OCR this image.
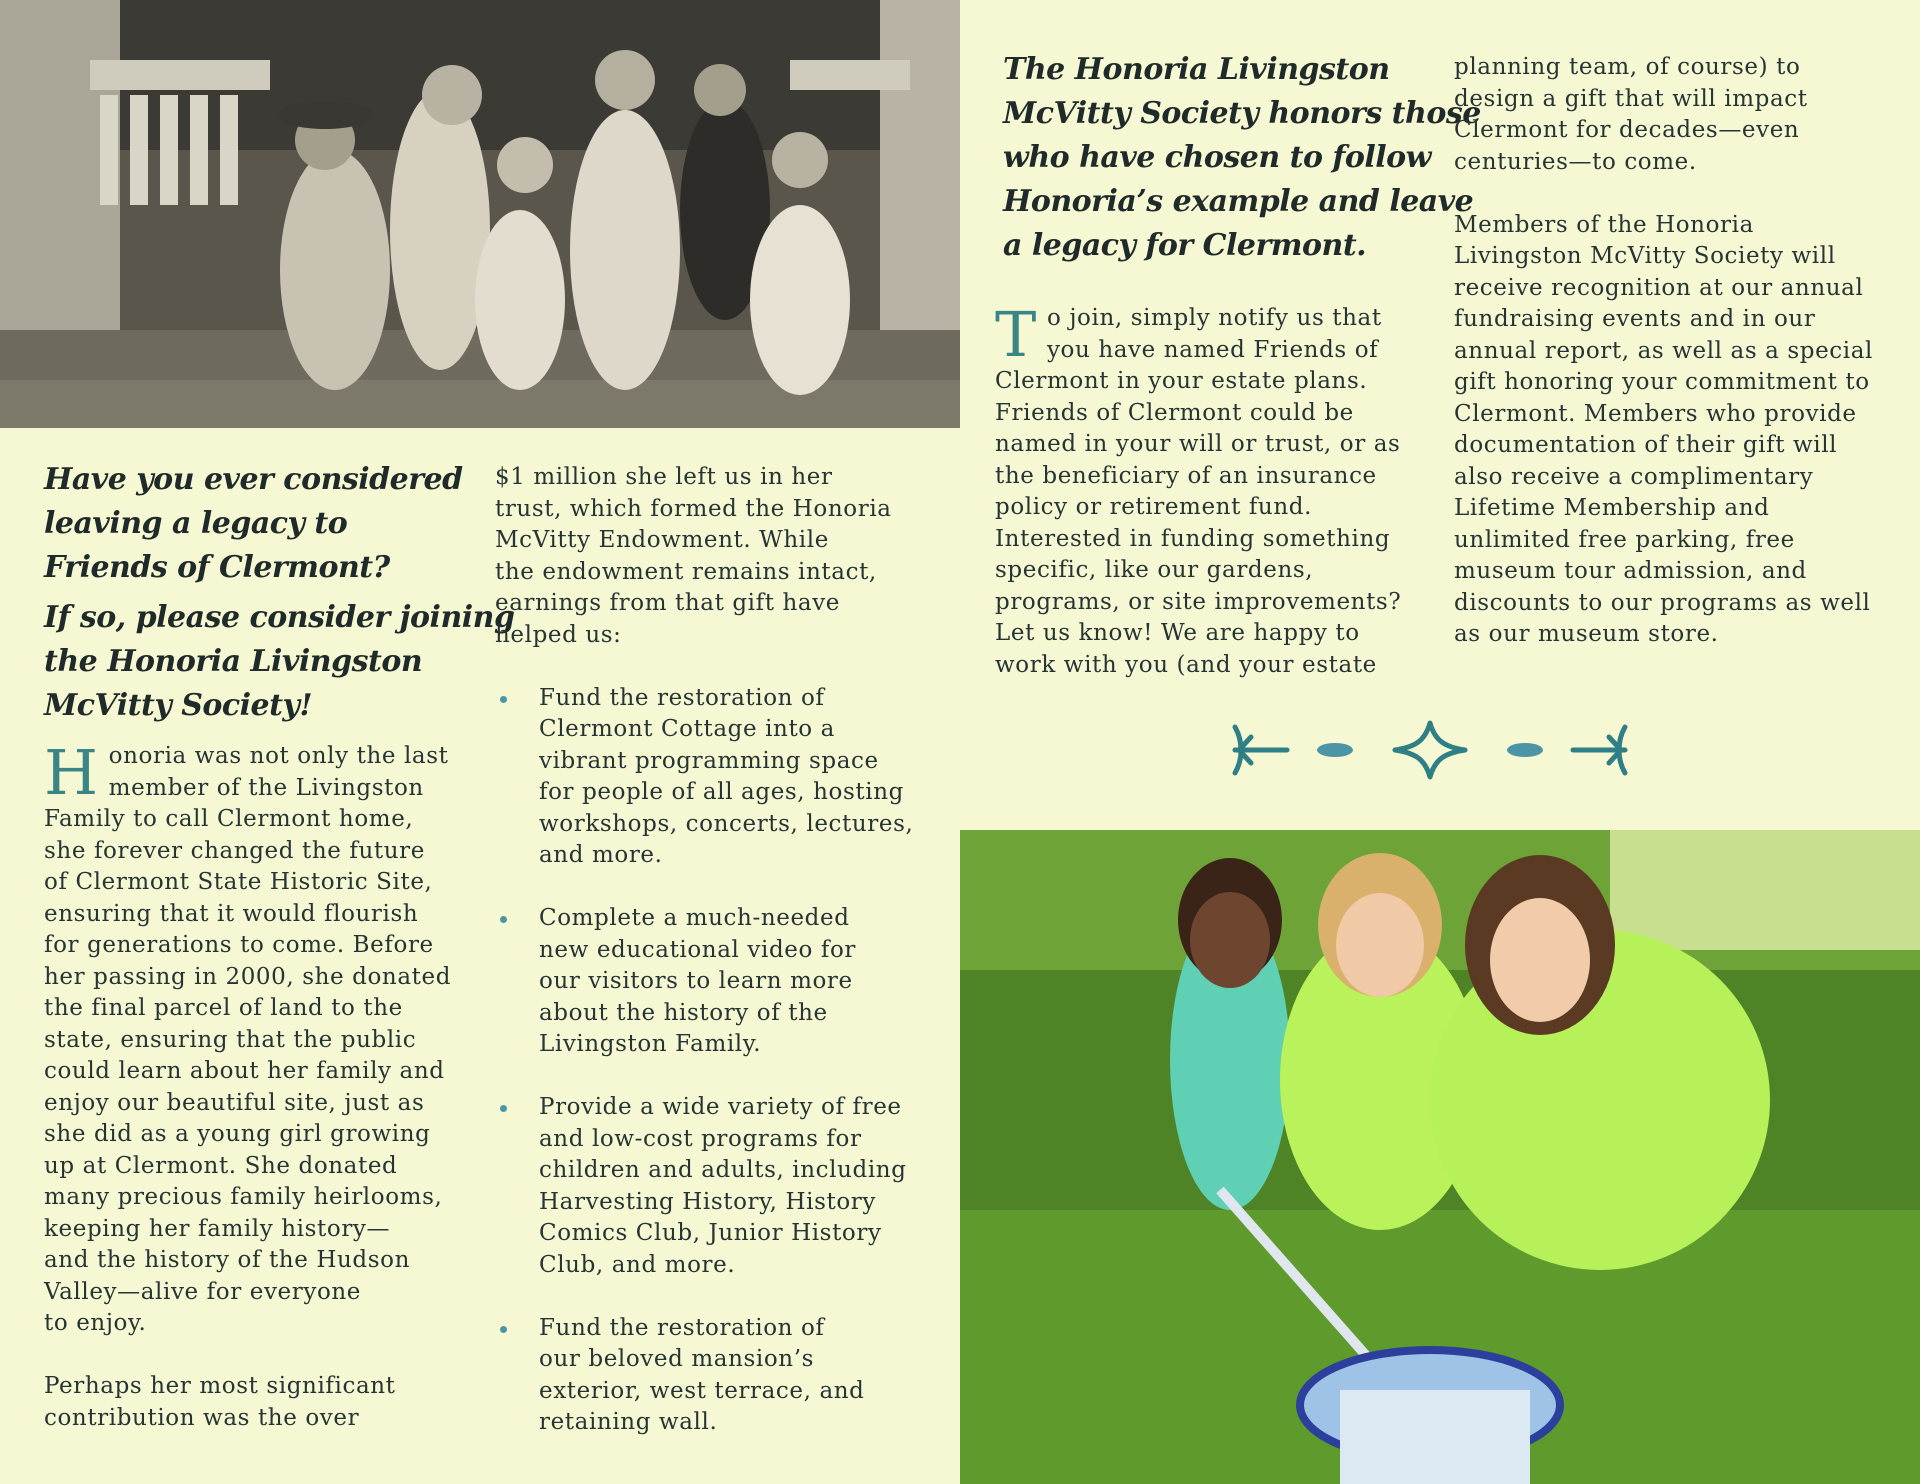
Have you ever considered
leaving a legacy to
Friends of Clermont?
If so, please consider joining
the Honoria Livingston
McVitty Society!
H onoria was not only the last
member of the Livingston
Family to call Clermont home,
she forever changed the future
of Clermont State Historic Site,
ensuring that it would flourish
for generations to come. Before
her passing in 2000, she donated
the final parcel of land to the
state, ensuring that the public
could learn about her family and
enjoy our beautiful site, just as
she did as a young girl growing
up at Clermont. She donated
many precious family heirlooms,
keeping her family history—
and the history of the Hudson
Valley—alive for everyone
to enjoy.
Perhaps her most significant
contribution was the over
$1 million she left us in her
trust, which formed the Honoria
McVitty Endowment. While
the endowment remains intact,
earnings from that gift have
helped us:
Fund the restoration of
Clermont Cottage into a
vibrant programming space
for people of all ages, hosting
workshops, concerts, lectures,
and more.
Complete a much-needed
new educational video for
our visitors to learn more
about the history of the
Livingston Family.
Provide a wide variety of free
and low-cost programs for
children and adults, including
Harvesting History, History
Comics Club, Junior History
Club, and more.
Fund the restoration of
our beloved mansion’s
exterior, west terrace, and
retaining wall.
The Honoria Livingston
McVitty Society honors those
who have chosen to follow
Honoria’s example and leave
a legacy for Clermont.
T o join, simply notify us that
you have named Friends of
Clermont in your estate plans.
Friends of Clermont could be
named in your will or trust, or as
the beneficiary of an insurance
policy or retirement fund.
Interested in funding something
specific, like our gardens,
programs, or site improvements?
Let us know! We are happy to
work with you (and your estate
planning team, of course) to
design a gift that will impact
Clermont for decades—even
centuries—to come.
Members of the Honoria
Livingston McVitty Society will
receive recognition at our annual
fundraising events and in our
annual report, as well as a special
gift honoring your commitment to
Clermont. Members who provide
documentation of their gift will
also receive a complimentary
Lifetime Membership and
unlimited free parking, free
museum tour admission, and
discounts to our programs as well
as our museum store.
